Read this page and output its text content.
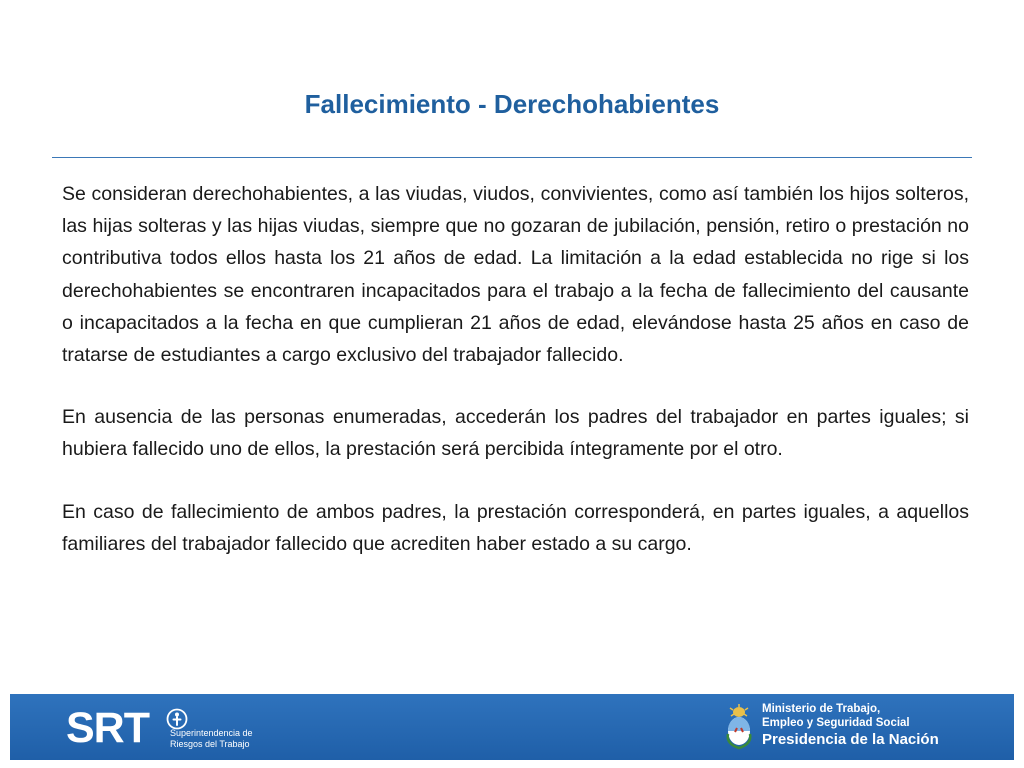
Fallecimiento - Derechohabientes

Se consideran derechohabientes, a las viudas, viudos, convivientes, como así también los hijos solteros, las hijas solteras y las hijas viudas, siempre que no gozaran de jubilación, pensión, retiro o prestación no contributiva todos ellos hasta los 21 años de edad. La limitación a la edad establecida no rige si los derechohabientes se encontraren incapacitados para el trabajo a la fecha de fallecimiento del causante o incapacitados a la fecha en que cumplieran 21 años de edad, elevándose hasta 25 años en caso de tratarse de estudiantes a cargo exclusivo del trabajador fallecido.

En ausencia de las personas enumeradas, accederán los padres del trabajador en partes iguales; si hubiera fallecido uno de ellos, la prestación será percibida íntegramente por el otro.

En caso de fallecimiento de ambos padres, la prestación corresponderá, en partes iguales, a aquellos familiares del trabajador fallecido que acrediten haber estado a su cargo.

SRT Superintendencia de
Riesgos del Trabajo
Ministerio de Trabajo,
Empleo y Seguridad Social
Presidencia de la Nación
